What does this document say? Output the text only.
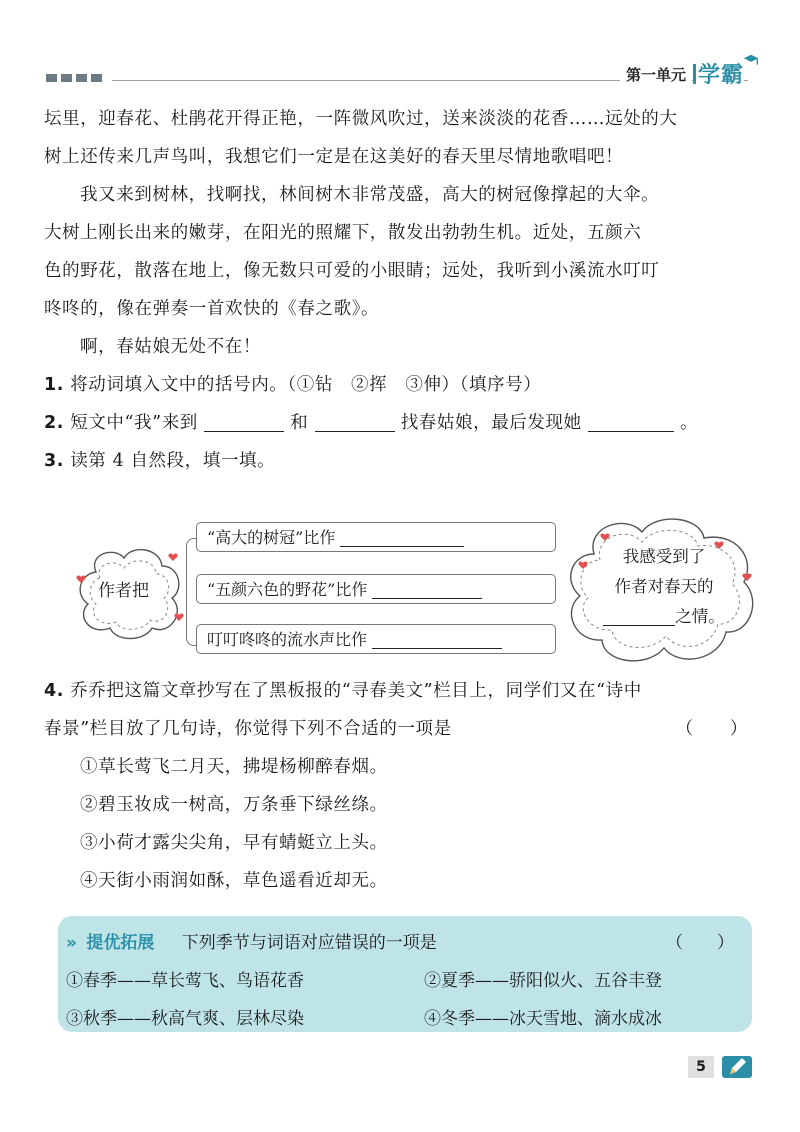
第一单元 学霸
坛里，迎春花、杜鹃花开得正艳，一阵微风吹过，送来淡淡的花香……远处的大
树上还传来几声鸟叫，我想它们一定是在这美好的春天里尽情地歌唱吧！
我又来到树林，找啊找，林间树木非常茂盛，高大的树冠像撑起的大伞。
大树上刚长出来的嫩芽，在阳光的照耀下，散发出勃勃生机。近处，五颜六
色的野花，散落在地上，像无数只可爱的小眼睛；远处，我听到小溪流水叮叮
咚咚的，像在弹奏一首欢快的《春之歌》。
啊，春姑娘无处不在！
1. 将动词填入文中的括号内。（①钻　②挥　③伸）（填序号）
2. 短文中“我”来到	和	找春姑娘，最后发现她	。
3. 读第 4 自然段，填一填。
作者把
“高大的树冠”比作
“五颜六色的野花”比作
叮叮咚咚的流水声比作
我感受到了
作者对春天的
之情。
4. 乔乔把这篇文章抄写在了黑板报的“寻春美文”栏目上，同学们又在“诗中
春景”栏目放了几句诗，你觉得下列不合适的一项是	（　　）
①草长莺飞二月天，拂堤杨柳醉春烟。
②碧玉妆成一树高，万条垂下绿丝绦。
③小荷才露尖尖角，早有蜻蜓立上头。
④天街小雨润如酥，草色遥看近却无。
» 提优拓展 下列季节与词语对应错误的一项是	（　　）
①春季——草长莺飞、鸟语花香	②夏季——骄阳似火、五谷丰登
③秋季——秋高气爽、层林尽染	④冬季——冰天雪地、滴水成冰
5
